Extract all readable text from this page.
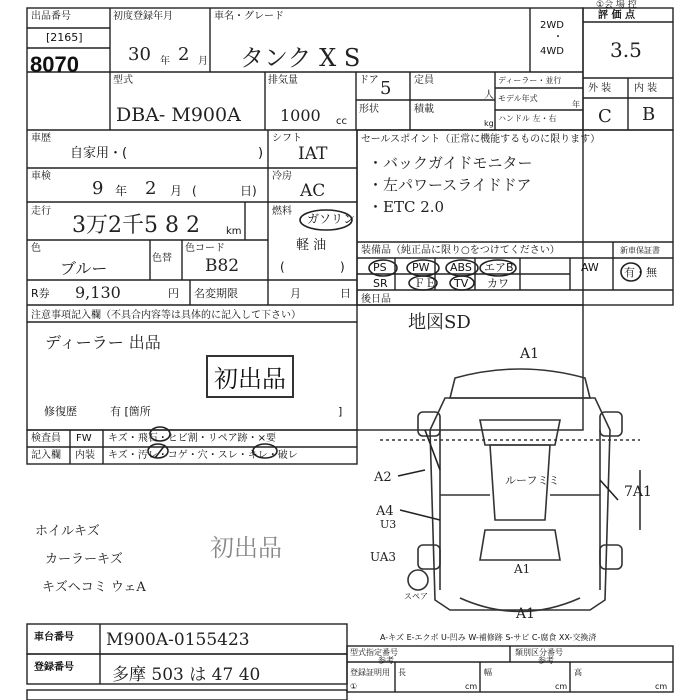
出品番号
[2165]
8070
初度登録年月
30 年 2 月
車名・グレード
タンク X S
2WD
・
4WD
評 価 点
3.5
①会 場 控
型式
DBA- M900A
排気量
1000 cc
ドア 5
形状
定員
人
積載
kg
ディーラー・並行
モデル年式
年
ハンドル 左・右
外 装 内 装
C B
車歴
自家用・(	)
シフト
IAT
車検
9 年 2 月 (	日)
冷房
AC
走行
3万2千5 8 2	km
燃料
ガソリン
軽 油
(	)
色
ブルー
色替
色コード
B82
R券 9,130	円 名変期限	月	日
セールスポイント（正常に機能するものに限ります）
・バックガイドモニター
・左パワースライドドア
・ETC 2.0
装備品（純正品に限り○をつけてください）
PS PW ABS エアB	AW
SR ＦＥ TV カワ
新車保証書
有・無
後日品
地図SD
注意事項記入欄（不具合内容等は具体的に記入して下さい）
ディーラー 出品
初出品
修復歴	有 [箇所	]
検査員
記入欄
FW キズ・飛石・ヒビ割・リペア跡・×要
内装 キズ・汚レ・コゲ・穴・スレ・キレ・破レ
ホイルキズ
カーラーキズ
キズヘコミ ウェA
初出品
A1
A2
A4
U3
UA3
7A1
A1
A1
ルーフミミ
スペア
A-キズ E-エクボ U-凹み W-補修跡 S-サビ C-腐食 XX-交換済
車台番号 M900A-0155423
登録番号 多摩 503 は 47 40
型式指定番号	類別区分番号
参考	参考
登録証明用 長	幅	高
cm	cm	cm
①
